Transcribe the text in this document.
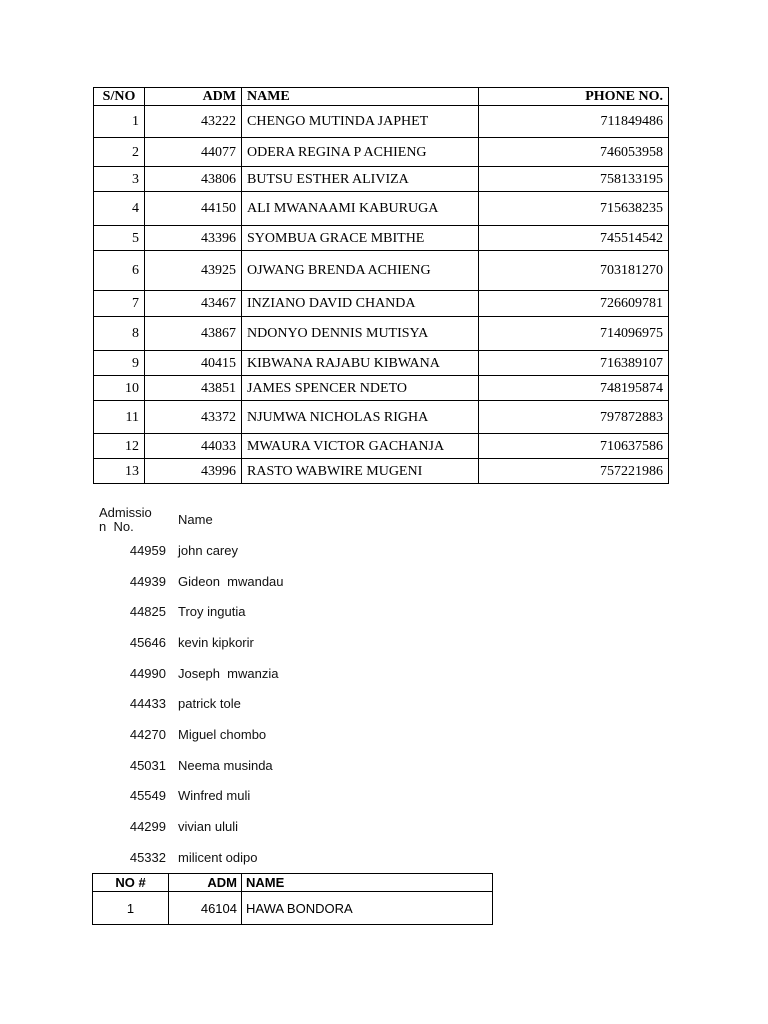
S/NO	ADM	NAME	PHONE NO.
1	43222	CHENGO MUTINDA JAPHET	711849486
2	44077	ODERA REGINA P ACHIENG	746053958
3	43806	BUTSU ESTHER ALIVIZA	758133195
4	44150	ALI MWANAAMI KABURUGA	715638235
5	43396	SYOMBUA GRACE MBITHE	745514542
6	43925	OJWANG BRENDA ACHIENG	703181270
7	43467	INZIANO DAVID CHANDA	726609781
8	43867	NDONYO DENNIS MUTISYA	714096975
9	40415	KIBWANA RAJABU KIBWANA	716389107
10	43851	JAMES SPENCER NDETO	748195874
11	43372	NJUMWA NICHOLAS RIGHA	797872883
12	44033	MWAURA VICTOR GACHANJA	710637586
13	43996	RASTO WABWIRE MUGENI	757221986
Admissio
n  No.	Name
44959	john carey
44939	Gideon  mwandau
44825	Troy ingutia
45646	kevin kipkorir
44990	Joseph  mwanzia
44433	patrick tole
44270	Miguel chombo
45031	Neema musinda
45549	Winfred muli
44299	vivian ululi
45332	milicent odipo
NO #	ADM	NAME
1	46104	HAWA BONDORA
